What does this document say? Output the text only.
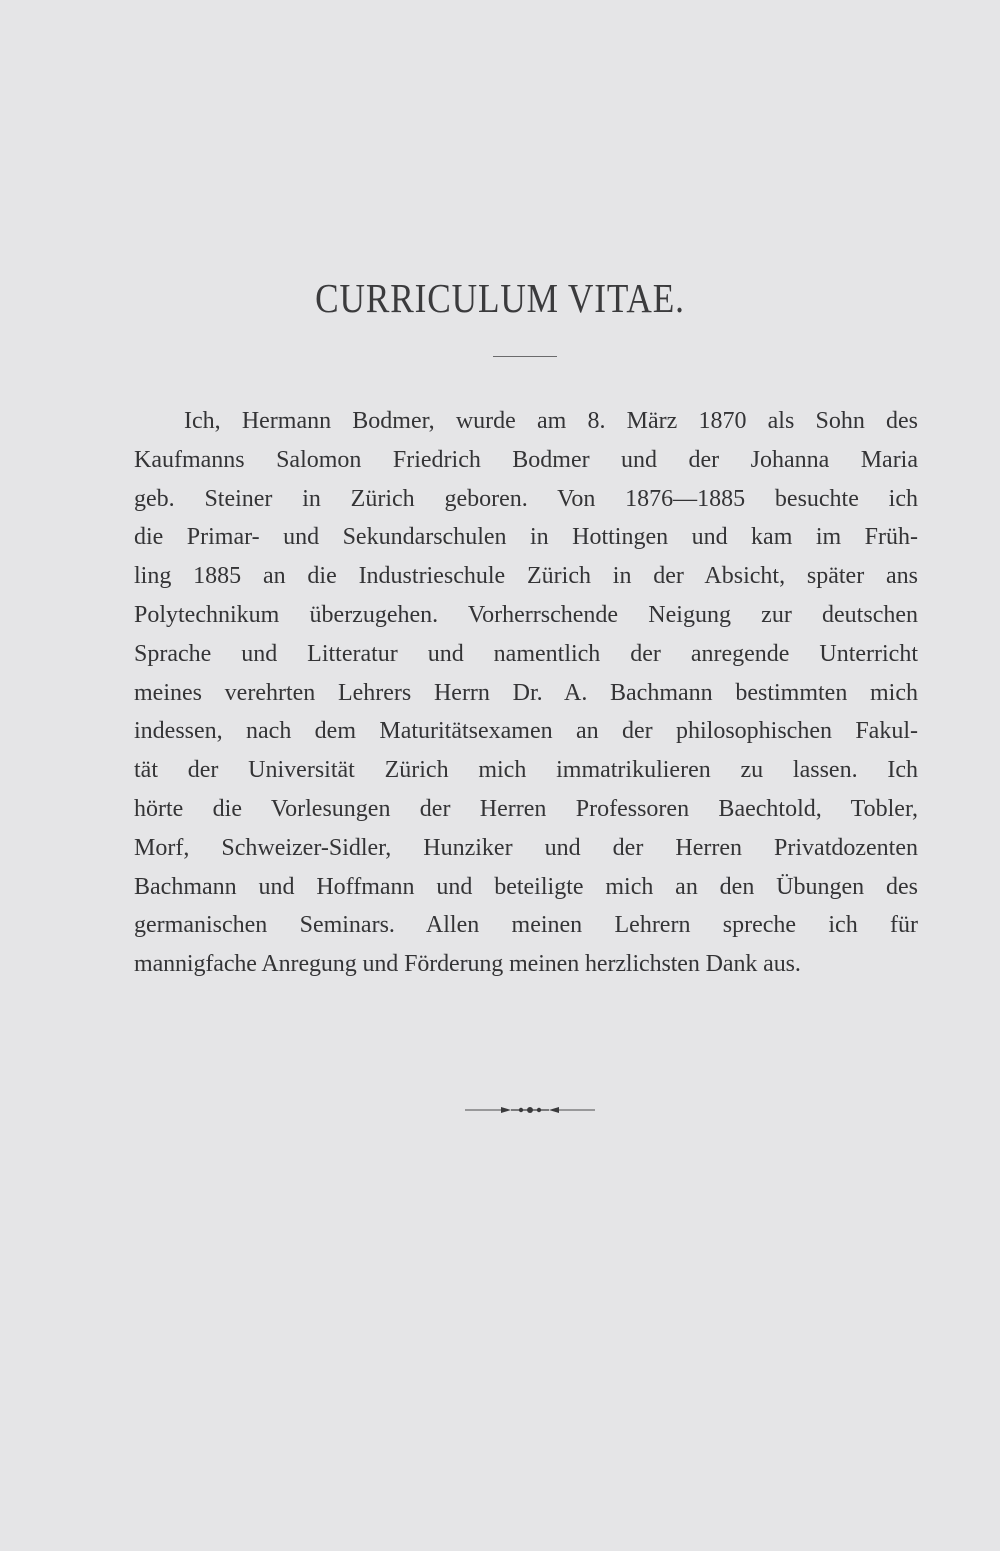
CURRICULUM VITAE.
Ich, Hermann Bodmer, wurde am 8. März 1870 als Sohn des
Kaufmanns Salomon Friedrich Bodmer und der Johanna Maria
geb. Steiner in Zürich geboren. Von 1876—1885 besuchte ich
die Primar- und Sekundarschulen in Hottingen und kam im Früh-
ling 1885 an die Industrieschule Zürich in der Absicht, später ans
Polytechnikum überzugehen. Vorherrschende Neigung zur deutschen
Sprache und Litteratur und namentlich der anregende Unterricht
meines verehrten Lehrers Herrn Dr. A. Bachmann bestimmten mich
indessen, nach dem Maturitätsexamen an der philosophischen Fakul-
tät der Universität Zürich mich immatrikulieren zu lassen. Ich
hörte die Vorlesungen der Herren Professoren Baechtold, Tobler,
Morf, Schweizer-Sidler, Hunziker und der Herren Privatdozenten
Bachmann und Hoffmann und beteiligte mich an den Übungen des
germanischen Seminars. Allen meinen Lehrern spreche ich für
mannigfache Anregung und Förderung meinen herzlichsten Dank aus.
